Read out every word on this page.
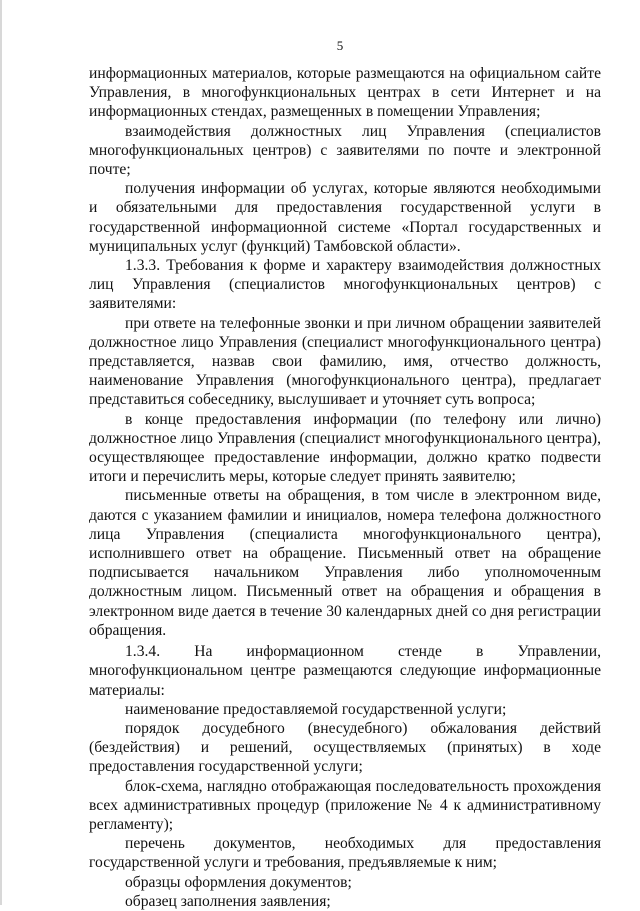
5

информационных материалов, которые размещаются на официальном сайте Управления, в многофункциональных центрах в сети Интернет и на информационных стендах, размещенных в помещении Управления;

взаимодействия должностных лиц Управления (специалистов многофункциональных центров) с заявителями по почте и электронной почте;

получения информации об услугах, которые являются необходимыми и обязательными для предоставления государственной услуги в государственной информационной системе «Портал государственных и муниципальных услуг (функций) Тамбовской области».

1.3.3. Требования к форме и характеру взаимодействия должностных лиц Управления (специалистов многофункциональных центров) с заявителями:

при ответе на телефонные звонки и при личном обращении заявителей должностное лицо Управления (специалист многофункционального центра) представляется, назвав свои фамилию, имя, отчество должность, наименование Управления (многофункционального центра), предлагает представиться собеседнику, выслушивает и уточняет суть вопроса;

в конце предоставления информации (по телефону или лично) должностное лицо Управления (специалист многофункционального центра), осуществляющее предоставление информации, должно кратко подвести итоги и перечислить меры, которые следует принять заявителю;

письменные ответы на обращения, в том числе в электронном виде, даются с указанием фамилии и инициалов, номера телефона должностного лица Управления (специалиста многофункционального центра), исполнившего ответ на обращение. Письменный ответ на обращение подписывается начальником Управления либо уполномоченным должностным лицом. Письменный ответ на обращения и обращения в электронном виде дается в течение 30 календарных дней со дня регистрации обращения.

1.3.4. На информационном стенде в Управлении, многофункциональном центре размещаются следующие информационные материалы:

наименование предоставляемой государственной услуги;

порядок досудебного (внесудебного) обжалования действий (бездействия) и решений, осуществляемых (принятых) в ходе предоставления государственной услуги;

блок-схема, наглядно отображающая последовательность прохождения всех административных процедур (приложение № 4 к административному регламенту);

перечень документов, необходимых для предоставления государственной услуги и требования, предъявляемые к ним;

образцы оформления документов;

образец заполнения заявления;
